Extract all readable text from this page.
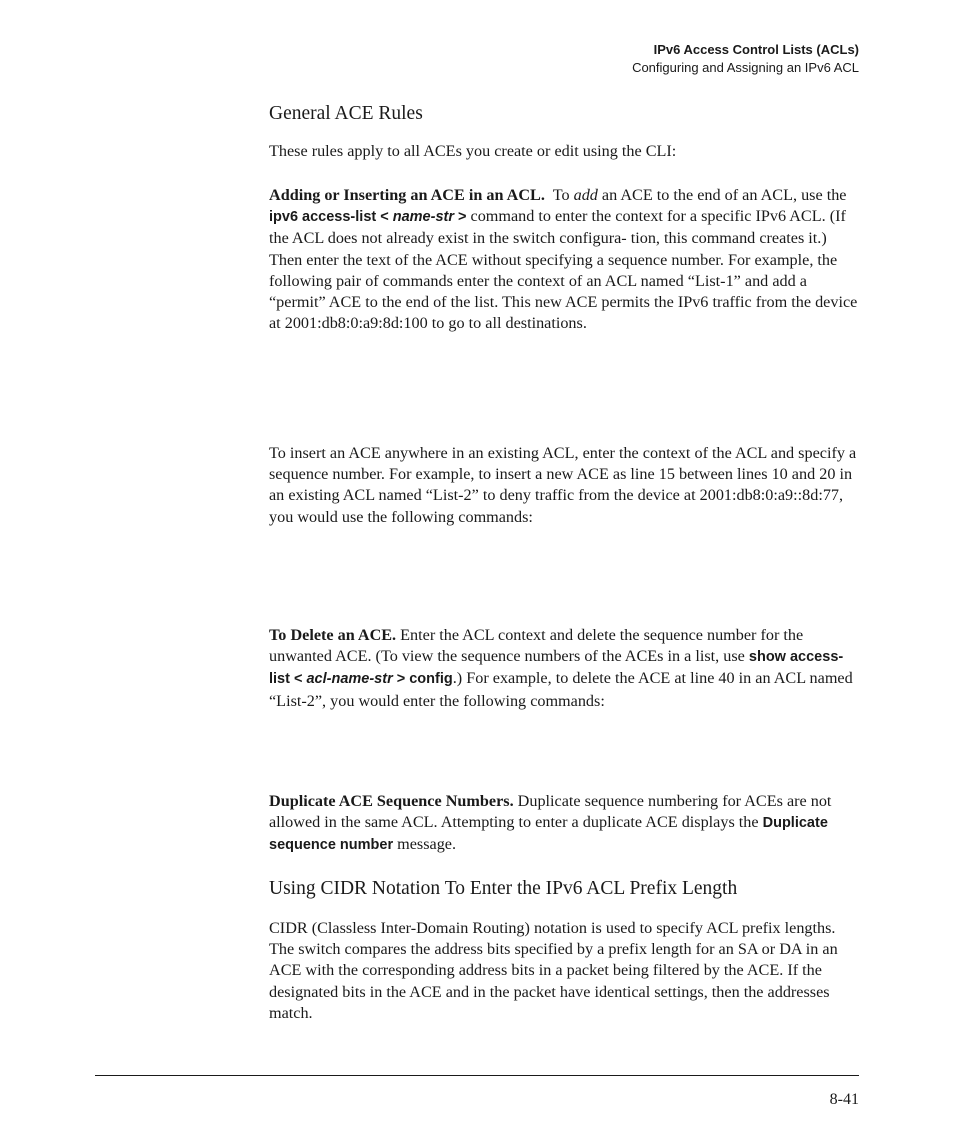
IPv6 Access Control Lists (ACLs)
Configuring and Assigning an IPv6 ACL
General ACE Rules

These rules apply to all ACEs you create or edit using the CLI:

Adding or Inserting an ACE in an ACL. To add an ACE to the end of an ACL, use the ipv6 access-list < name-str > command to enter the context for a specific IPv6 ACL. (If the ACL does not already exist in the switch configura- tion, this command creates it.) Then enter the text of the ACE without specifying a sequence number. For example, the following pair of commands enter the context of an ACL named “List-1” and add a “permit” ACE to the end of the list. This new ACE permits the IPv6 traffic from the device at 2001:db8:0:a9:8d:100 to go to all destinations.

To insert an ACE anywhere in an existing ACL, enter the context of the ACL and specify a sequence number. For example, to insert a new ACE as line 15 between lines 10 and 20 in an existing ACL named “List-2” to deny traffic from the device at 2001:db8:0:a9::8d:77, you would use the following commands:

To Delete an ACE. Enter the ACL context and delete the sequence number for the unwanted ACE. (To view the sequence numbers of the ACEs in a list, use show access-list < acl-name-str > config.) For example, to delete the ACE at line 40 in an ACL named “List-2”, you would enter the following commands:

Duplicate ACE Sequence Numbers. Duplicate sequence numbering for ACEs are not allowed in the same ACL. Attempting to enter a duplicate ACE displays the Duplicate sequence number message.

Using CIDR Notation To Enter the IPv6 ACL Prefix Length

CIDR (Classless Inter-Domain Routing) notation is used to specify ACL prefix lengths. The switch compares the address bits specified by a prefix length for an SA or DA in an ACE with the corresponding address bits in a packet being filtered by the ACE. If the designated bits in the ACE and in the packet have identical settings, then the addresses match.

8-41
